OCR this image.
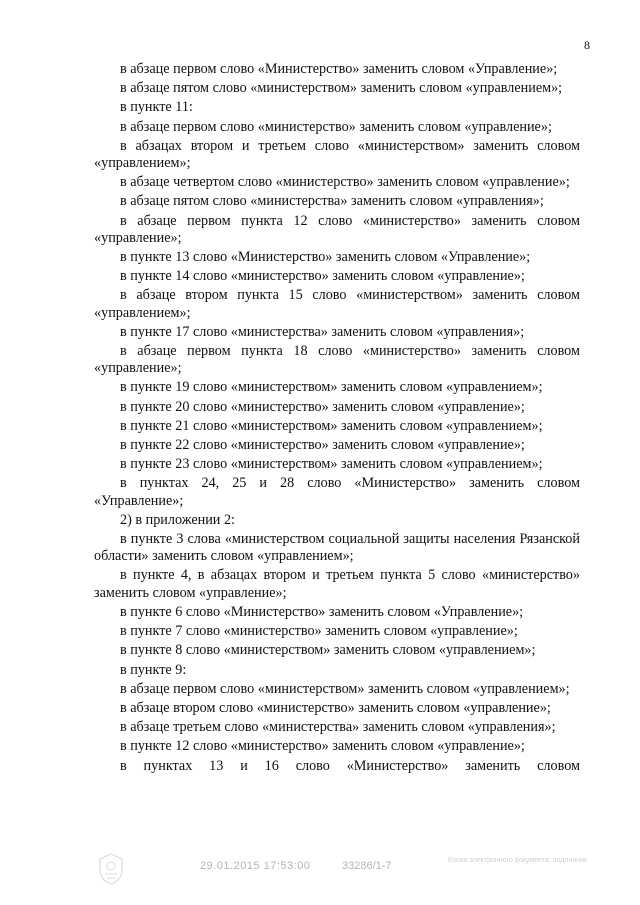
8

в абзаце первом слово «Министерство» заменить словом «Управление»;

в абзаце пятом слово «министерством» заменить словом «управлением»;

в пункте 11:

в абзаце первом слово «министерство» заменить словом «управление»;

в абзацах втором и третьем слово «министерством» заменить словом «управлением»;

в абзаце четвертом слово «министерство» заменить словом «управление»;

в абзаце пятом слово «министерства» заменить словом «управления»;

в абзаце первом пункта 12 слово «министерство» заменить словом «управление»;

в пункте 13 слово «Министерство» заменить словом «Управление»;

в пункте 14 слово «министерство» заменить словом «управление»;

в абзаце втором пункта 15 слово «министерством» заменить словом «управлением»;

в пункте 17 слово «министерства» заменить словом «управления»;

в абзаце первом пункта 18 слово «министерство» заменить словом «управление»;

в пункте 19 слово «министерством» заменить словом «управлением»;

в пункте 20 слово «министерство» заменить словом «управление»;

в пункте 21 слово «министерством» заменить словом «управлением»;

в пункте 22 слово «министерство» заменить словом «управление»;

в пункте 23 слово «министерством» заменить словом «управлением»;

в пунктах 24, 25 и 28 слово «Министерство» заменить словом «Управление»;

2) в приложении 2:

в пункте 3 слова «министерством социальной защиты населения Рязанской области» заменить словом «управлением»;

в пункте 4, в абзацах втором и третьем пункта 5 слово «министерство» заменить словом «управление»;

в пункте 6 слово «Министерство» заменить словом «Управление»;

в пункте 7 слово «министерство» заменить словом «управление»;

в пункте 8 слово «министерством» заменить словом «управлением»;

в пункте 9:

в абзаце первом слово «министерством» заменить словом «управлением»;

в абзаце втором слово «министерство» заменить словом «управление»;

в абзаце третьем слово «министерства» заменить словом «управления»;

в пункте 12 слово «министерство» заменить словом «управление»;

в пунктах 13 и 16 слово «Министерство» заменить словом

29.01.2015 17:53:00	33286/1-7	Копия электронного документа, подлинник
